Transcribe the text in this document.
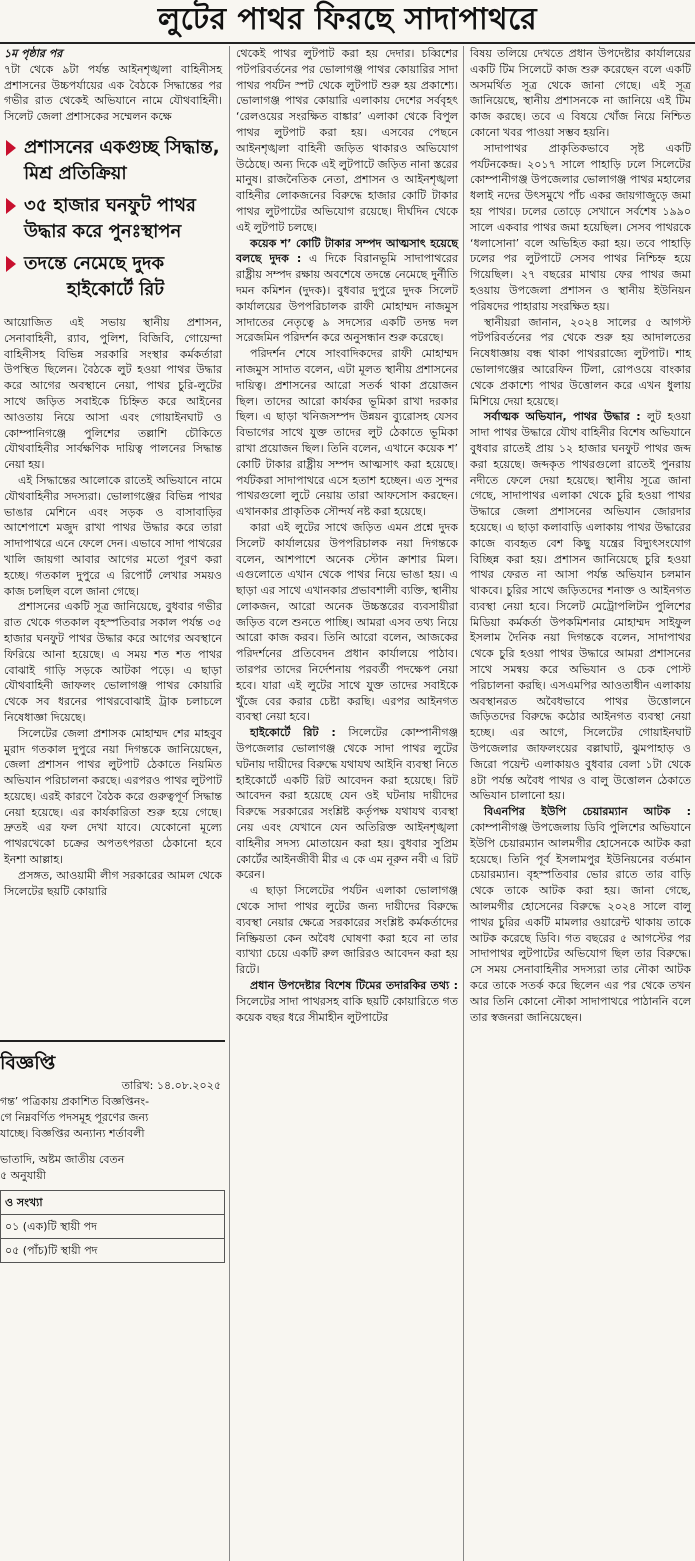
লুটের পাথর ফিরছে সাদাপাথরে

১ম পৃষ্ঠার পর
৭টা থেকে ৯টা পর্যন্ত আইনশৃঙ্খলা বাহিনীসহ প্রশাসনের উচ্চপর্যায়ের এক বৈঠকে সিদ্ধান্তের পর গভীর রাত থেকেই অভিযানে নামে যৌথবাহিনী। সিলেট জেলা প্রশাসকের সম্মেলন কক্ষে

প্রশাসনের একগুচ্ছ সিদ্ধান্ত, মিশ্র প্রতিক্রিয়া
৩৫ হাজার ঘনফুট পাথর উদ্ধার করে পুনঃস্থাপন
তদন্তে নেমেছে দুদক
হাইকোর্টে রিট

আয়োজিত এই সভায় স্থানীয় প্রশাসন, সেনাবাহিনী, র‍্যাব, পুলিশ, বিজিবি, গোয়েন্দা বাহিনীসহ বিভিন্ন সরকারি সংস্থার কর্মকর্তারা উপস্থিত ছিলেন। বৈঠকে লুট হওয়া পাথর উদ্ধার করে আগের অবস্থানে নেয়া, পাথর চুরি-লুটের সাথে জড়িত সবাইকে চিহ্নিত করে আইনের আওতায় নিয়ে আসা এবং গোয়াইনঘাট ও কোম্পানিগঞ্জে পুলিশের তল্লাশি চৌকিতে যৌথবাহিনীর সার্বক্ষণিক দায়িত্ব পালনের সিদ্ধান্ত নেয়া হয়।

এই সিদ্ধান্তের আলোকে রাতেই অভিযানে নামে যৌথবাহিনীর সদস্যরা। ভোলাগঞ্জের বিভিন্ন পাথর ভাঙার মেশিনে এবং সড়ক ও বাসাবাড়ির আশেপাশে মজুদ রাখা পাথর উদ্ধার করে তারা সাদাপাথরে এনে ফেলে দেন। এভাবে সাদা পাথরের খালি জায়গা আবার আগের মতো পূরণ করা হচ্ছে। গতকাল দুপুরে এ রিপোর্ট লেখার সময়ও কাজ চলছিল বলে জানা গেছে।

প্রশাসনের একটি সূত্র জানিয়েছে, বুধবার গভীর রাত থেকে গতকাল বৃহস্পতিবার সকাল পর্যন্ত ৩৫ হাজার ঘনফুট পাথর উদ্ধার করে আগের অবস্থানে ফিরিয়ে আনা হয়েছে। এ সময় শত শত পাথর বোঝাই গাড়ি সড়কে আটকা পড়ে। এ ছাড়া যৌথবাহিনী জাফলং ভোলাগঞ্জ পাথর কোয়ারি থেকে সব ধরনের পাথরবোঝাই ট্রাক চলাচলে নিষেধাজ্ঞা দিয়েছে।

সিলেটের জেলা প্রশাসক মোহাম্মদ শের মাহবুব মুরাদ গতকাল দুপুরে নয়া দিগন্তকে জানিয়েছেন, জেলা প্রশাসন পাথর লুটপাট ঠেকাতে নিয়মিত অভিযান পরিচালনা করছে। এরপরও পাথর লুটপাট হয়েছে। এরই কারণে বৈঠক করে গুরুত্বপূর্ণ সিদ্ধান্ত নেয়া হয়েছে। এর কার্যকারিতা শুরু হয়ে গেছে। দ্রুতই এর ফল দেখা যাবে। যেকোনো মূল্যে পাথরখেকো চক্রের অপতৎপরতা ঠেকানো হবে ইনশা আল্লাহ।

প্রসঙ্গত, আওয়ামী লীগ সরকারের আমল থেকে সিলেটের ছয়টি কোয়ারি

বিজ্ঞপ্তি
তারিখ: ১৪.০৮.২০২৫
গন্ত’ পত্রিকায় প্রকাশিত বিজ্ঞপ্তিনং-
গে নিম্নবর্ণিত পদসমূহ পূরণের জন্য
যাচ্ছে। বিজ্ঞপ্তির অন্যান্য শর্তাবলী
ভাতাদি, অষ্টম জাতীয় বেতন
৫ অনুযায়ী
ও সংখ্যা
০১ (এক)টি স্থায়ী পদ
০৫ (পাঁচ)টি স্থায়ী পদ

থেকেই পাথর লুটপাট করা হয় দেদার। চব্বিশের পটপরিবর্তনের পর ভোলাগঞ্জ পাথর কোয়ারির সাদা পাথর পর্যটন স্পট থেকে লুটপাট শুরু হয় প্রকাশ্যে। ভোলাগঞ্জ পাথর কোয়ারি এলাকায় দেশের সর্ববৃহৎ ‘রেলওয়ের সংরক্ষিত বাঙ্কার’ এলাকা থেকে বিপুল পাথর লুটপাট করা হয়। এসবের পেছনে আইনশৃঙ্খলা বাহিনী জড়িত থাকারও অভিযোগ উঠেছে। অন্য দিকে এই লুটপাটে জড়িত নানা স্তরের মানুষ। রাজনৈতিক নেতা, প্রশাসন ও আইনশৃঙ্খলা বাহিনীর লোকজনের বিরুদ্ধে হাজার কোটি টাকার পাথর লুটপাটের অভিযোগ রয়েছে। দীর্ঘদিন থেকে এই লুটপাট চলছে।

কয়েক শ’ কোটি টাকার সম্পদ আত্মসাৎ হয়েছে বলছে দুদক : এ দিকে বিরানভূমি সাদাপাথরের রাষ্ট্রীয় সম্পদ রক্ষায় অবশেষে তদন্তে নেমেছে দুর্নীতি দমন কমিশন (দুদক)। বুধবার দুপুরে দুদক সিলেট কার্যালয়ের উপপরিচালক রাফী মোহাম্মদ নাজমুস সাদাতের নেতৃত্বে ৯ সদস্যের একটি তদন্ত দল সরেজমিন পরিদর্শন করে অনুসন্ধান শুরু করেছে।

পরিদর্শন শেষে সাংবাদিকদের রাফী মোহাম্মদ নাজমুস সাদাত বলেন, এটা মূলত স্থানীয় প্রশাসনের দায়িত্ব। প্রশাসনের আরো সতর্ক থাকা প্রয়োজন ছিল। তাদের আরো কার্যকর ভূমিকা রাখা দরকার ছিল। এ ছাড়া খনিজসম্পদ উন্নয়ন ব্যুরোসহ যেসব বিভাগের সাথে যুক্ত তাদের লুট ঠেকাতে ভূমিকা রাখা প্রয়োজন ছিল। তিনি বলেন, এখানে কয়েক শ’ কোটি টাকার রাষ্ট্রীয় সম্পদ আত্মসাৎ করা হয়েছে। পর্যটকরা সাদাপাথরে এসে হতাশ হচ্ছেন। এত সুন্দর পাথরগুলো লুটে নেয়ায় তারা আফসোস করছেন। এখানকার প্রাকৃতিক সৌন্দর্য নষ্ট করা হয়েছে।

কারা এই লুটের সাথে জড়িত এমন প্রশ্নে দুদক সিলেট কার্যালয়ের উপপরিচালক নয়া দিগন্তকে বলেন, আশপাশে অনেক স্টোন ক্রাশার মিল। এগুলোতে এখান থেকে পাথর নিয়ে ভাঙা হয়। এ ছাড়া এর সাথে এখানকার প্রভাবশালী ব্যক্তি, স্থানীয় লোকজন, আরো অনেক উচ্চস্তরের ব্যবসায়ীরা জড়িত বলে শুনতে পাচ্ছি। আমরা এসব তথ্য নিয়ে আরো কাজ করব। তিনি আরো বলেন, আজকের পরিদর্শনের প্রতিবেদন প্রধান কার্যালয়ে পাঠাব। তারপর তাদের নির্দেশনায় পরবর্তী পদক্ষেপ নেয়া হবে। যারা এই লুটের সাথে যুক্ত তাদের সবাইকে খুঁজে বের করার চেষ্টা করছি। এরপর আইনগত ব্যবস্থা নেয়া হবে।

হাইকোর্টে রিট : সিলেটের কোম্পানীগঞ্জ উপজেলার ভোলাগঞ্জ থেকে সাদা পাথর লুটের ঘটনায় দায়ীদের বিরুদ্ধে যথাযথ আইনি ব্যবস্থা নিতে হাইকোর্টে একটি রিট আবেদন করা হয়েছে। রিট আবেদন করা হয়েছে যেন ওই ঘটনায় দায়ীদের বিরুদ্ধে সরকারের সংশ্লিষ্ট কর্তৃপক্ষ যথাযথ ব্যবস্থা নেয় এবং যেখানে যেন অতিরিক্ত আইনশৃঙ্খলা বাহিনীর সদস্য মোতায়েন করা হয়। বুধবার সুপ্রিম কোর্টের আইনজীবী মীর এ কে এম নূরুন নবী এ রিট করেন।

এ ছাড়া সিলেটের পর্যটন এলাকা ভোলাগঞ্জ থেকে সাদা পাথর লুটের জন্য দায়ীদের বিরুদ্ধে ব্যবস্থা নেয়ার ক্ষেত্রে সরকারের সংশ্লিষ্ট কর্মকর্তাদের নিষ্ক্রিয়তা কেন অবৈধ ঘোষণা করা হবে না তার ব্যাখ্যা চেয়ে একটি রুল জারিরও আবেদন করা হয় রিটে।

প্রধান উপদেষ্টার বিশেষ টিমের তদারকির তথ্য : সিলেটের সাদা পাথরসহ বাকি ছয়টি কোয়ারিতে গত কয়েক বছর ধরে সীমাহীন লুটপাটের

বিষয় তলিয়ে দেখতে প্রধান উপদেষ্টার কার্যালয়ের একটি টিম সিলেটে কাজ শুরু করেছেন বলে একটি অসমর্থিত সূত্র থেকে জানা গেছে। এই সূত্র জানিয়েছে, স্থানীয় প্রশাসনকে না জানিয়ে এই টিম কাজ করছে। তবে এ বিষয়ে খোঁজ নিয়ে নিশ্চিত কোনো খবর পাওয়া সম্ভব হয়নি।

সাদাপাথর প্রাকৃতিকভাবে সৃষ্ট একটি পর্যটনকেন্দ্র। ২০১৭ সালে পাহাড়ি ঢলে সিলেটের কোম্পানীগঞ্জ উপজেলার ভোলাগঞ্জ পাথর মহালের ধলাই নদের উৎসমুখে পাঁচ একর জায়গাজুড়ে জমা হয় পাথর। ঢলের তোড়ে সেখানে সর্বশেষ ১৯৯০ সালে একবার পাথর জমা হয়েছিল। সেসব পাথরকে ‘ধলাসোনা’ বলে অভিহিত করা হয়। তবে পাহাড়ি ঢলের পর লুটপাটে সেসব পাথর নিশ্চিহ্ন হয়ে গিয়েছিল। ২৭ বছরের মাথায় ফের পাথর জমা হওয়ায় উপজেলা প্রশাসন ও স্থানীয় ইউনিয়ন পরিষদের পাহারায় সংরক্ষিত হয়।

স্থানীয়রা জানান, ২০২৪ সালের ৫ আগস্ট পটপরিবর্তনের পর থেকে শুরু হয় আদালতের নিষেধাজ্ঞায় বন্ধ থাকা পাথররাজ্যে লুটপাট। শাহ ভোলাগঞ্জের আরেফিন টিলা, রোপওয়ে বাংকার থেকে প্রকাশ্যে পাথর উত্তোলন করে এখন ধুলায় মিশিয়ে দেয়া হয়েছে।

সর্বাত্মক অভিযান, পাথর উদ্ধার : লুট হওয়া সাদা পাথর উদ্ধারে যৌথ বাহিনীর বিশেষ অভিযানে বুধবার রাতেই প্রায় ১২ হাজার ঘনফুট পাথর জব্দ করা হয়েছে। জব্দকৃত পাথরগুলো রাতেই পুনরায় নদীতে ফেলে দেয়া হয়েছে। স্থানীয় সূত্রে জানা গেছে, সাদাপাথর এলাকা থেকে চুরি হওয়া পাথর উদ্ধারে জেলা প্রশাসনের অভিযান জোরদার হয়েছে। এ ছাড়া কলাবাড়ি এলাকায় পাথর উদ্ধারের কাজে ব্যবহৃত বেশ কিছু যন্ত্রের বিদ্যুৎসংযোগ বিচ্ছিন্ন করা হয়। প্রশাসন জানিয়েছে চুরি হওয়া পাথর ফেরত না আসা পর্যন্ত অভিযান চলমান থাকবে। চুরির সাথে জড়িতদের শনাক্ত ও আইনগত ব্যবস্থা নেয়া হবে। সিলেট মেট্রোপলিটন পুলিশের মিডিয়া কর্মকর্তা উপকমিশনার মোহাম্মদ সাইফুল ইসলাম দৈনিক নয়া দিগন্তকে বলেন, সাদাপাথর থেকে চুরি হওয়া পাথর উদ্ধারে আমরা প্রশাসনের সাথে সমন্বয় করে অভিযান ও চেক পোস্ট পরিচালনা করছি। এসএমপির আওতাধীন এলাকায় অবস্থানরত অবৈধভাবে পাথর উত্তোলনে জড়িতদের বিরুদ্ধে কঠোর আইনগত ব্যবস্থা নেয়া হচ্ছে। এর আগে, সিলেটের গোয়াইনঘাট উপজেলার জাফলংয়ের বল্লাঘাট, ঝুমপাহাড় ও জিরো পয়েন্ট এলাকায়ও বুধবার বেলা ১টা থেকে ৪টা পর্যন্ত অবৈধ পাথর ও বালু উত্তোলন ঠেকাতে অভিযান চালানো হয়।

বিএনপির ইউপি চেয়ারম্যান আটক : কোম্পানীগঞ্জ উপজেলায় ডিবি পুলিশের অভিযানে ইউপি চেয়ারম্যান আলমগীর হোসেনকে আটক করা হয়েছে। তিনি পূর্ব ইসলামপুর ইউনিয়নের বর্তমান চেয়ারম্যান। বৃহস্পতিবার ভোর রাতে তার বাড়ি থেকে তাকে আটক করা হয়। জানা গেছে, আলমগীর হোসেনের বিরুদ্ধে ২০২৪ সালে বালু পাথর চুরির একটি মামলার ওয়ারেন্ট থাকায় তাকে আটক করেছে ডিবি। গত বছরের ৫ আগস্টের পর সাদাপাথর লুটপাটের অভিযোগ ছিল তার বিরুদ্ধে। সে সময় সেনাবাহিনীর সদস্যরা তার নৌকা আটক করে তাকে সতর্ক করে ছিলেন এর পর থেকে তখন আর তিনি কোনো নৌকা সাদাপাথরে পাঠাননি বলে তার স্বজনরা জানিয়েছেন।
